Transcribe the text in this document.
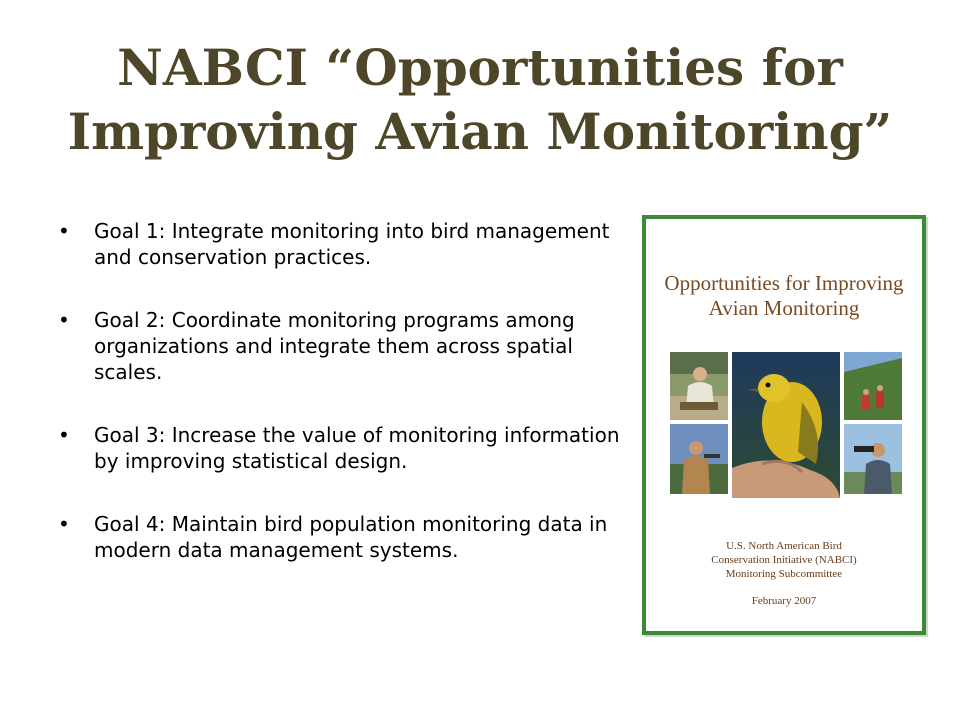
NABCI “Opportunities for
Improving Avian Monitoring”
• Goal 1: Integrate monitoring into bird management and conservation practices.
• Goal 2: Coordinate monitoring programs among organizations and integrate them across spatial scales.
• Goal 3: Increase the value of monitoring information by improving statistical design.
• Goal 4: Maintain bird population monitoring data in modern data management systems.
Opportunities for Improving
Avian Monitoring
U.S. North American Bird
Conservation Initiative (NABCI)
Monitoring Subcommittee
February 2007
